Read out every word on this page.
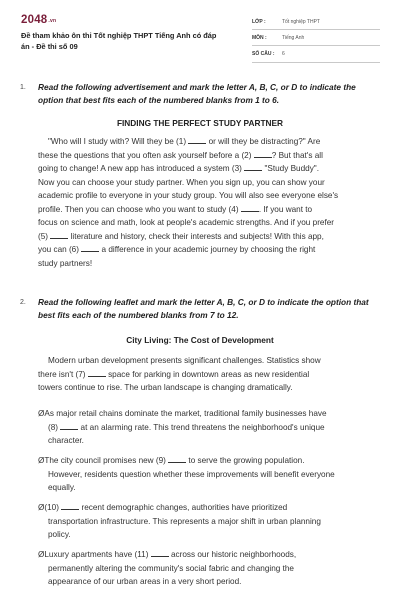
2048.vn
Đề tham khảo ôn thi Tốt nghiệp THPT Tiếng Anh có đáp án - Đề thi số 09
LỚP :	Tốt nghiệp THPT
MÔN :	Tiếng Anh
SỐ CÂU :	6
1. Read the following advertisement and mark the letter A, B, C, or D to indicate the option that best fits each of the numbered blanks from 1 to 6.
FINDING THE PERFECT STUDY PARTNER
"Who will I study with? Will they be (1)  or will they be distracting?" Are
these the questions that you often ask yourself before a (2) ? But that's all
going to change! A new app has introduced a system (3)  "Study Buddy".
Now you can choose your study partner. When you sign up, you can show your
academic profile to everyone in your study group. You will also see everyone else's
profile. Then you can choose who you want to study (4) . If you want to
focus on science and math, look at people's academic strengths. And if you prefer
(5)  literature and history, check their interests and subjects! With this app,
you can (6)  a difference in your academic journey by choosing the right
study partners!
2. Read the following leaflet and mark the letter A, B, C, or D to indicate the option that best fits each of the numbered blanks from 7 to 12.
City Living: The Cost of Development
Modern urban development presents significant challenges. Statistics show
there isn't (7)  space for parking in downtown areas as new residential
towers continue to rise. The urban landscape is changing dramatically.
ØAs major retail chains dominate the market, traditional family businesses have
(8)  at an alarming rate. This trend threatens the neighborhood's unique
character.
ØThe city council promises new (9)  to serve the growing population.
However, residents question whether these improvements will benefit everyone
equally.
Ø(10)  recent demographic changes, authorities have prioritized
transportation infrastructure. This represents a major shift in urban planning
policy.
ØLuxury apartments have (11)  across our historic neighborhoods,
permanently altering the community's social fabric and changing the
appearance of our urban areas in a very short period.
